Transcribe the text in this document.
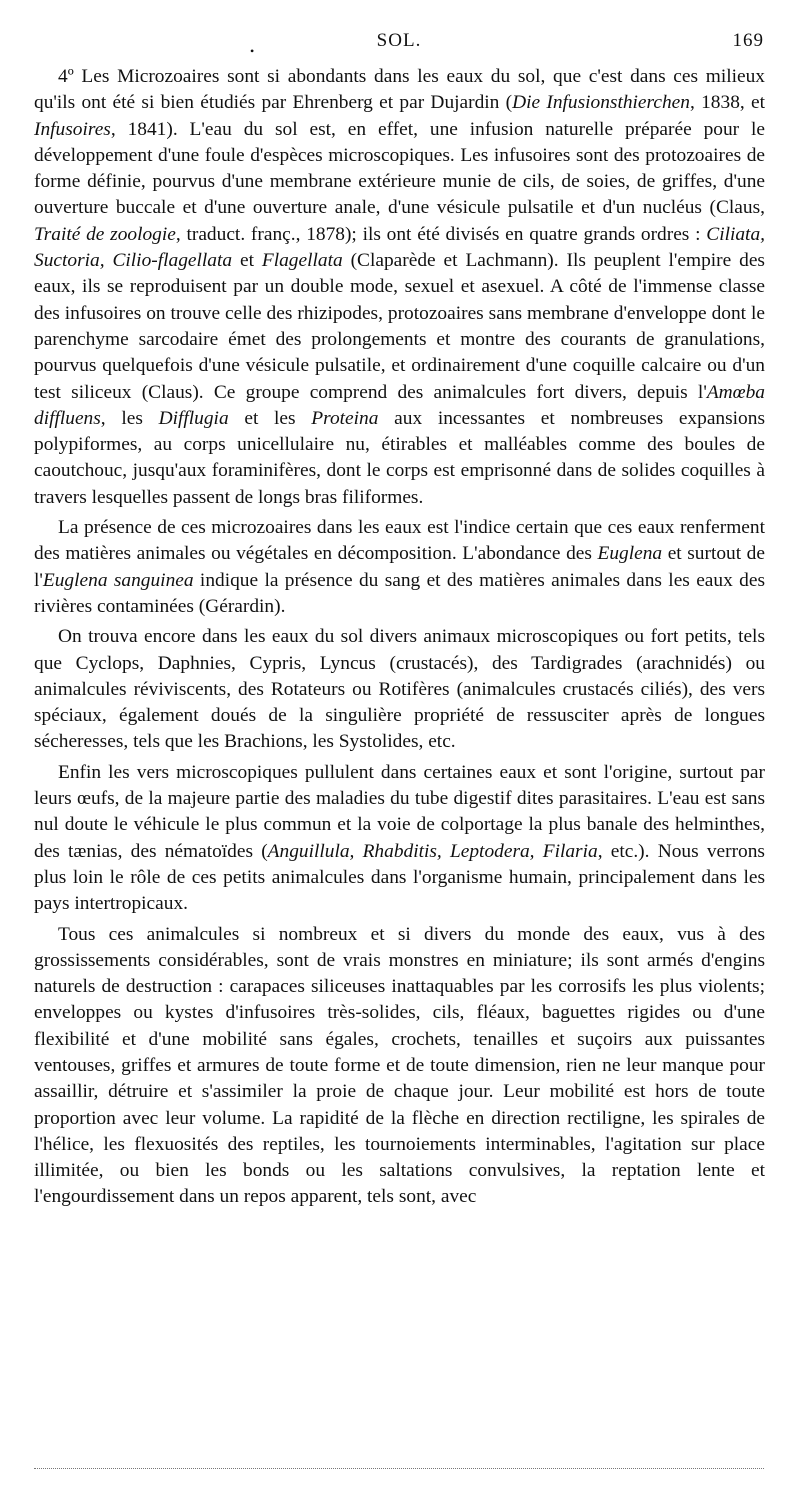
•	SOL.	169

4º Les Microzoaires sont si abondants dans les eaux du sol, que c'est dans ces milieux qu'ils ont été si bien étudiés par Ehrenberg et par Dujardin (Die Infusionsthierchen, 1838, et Infusoires, 1841). L'eau du sol est, en effet, une infusion naturelle préparée pour le développement d'une foule d'espèces microscopiques. Les infusoires sont des protozoaires de forme définie, pourvus d'une membrane extérieure munie de cils, de soies, de griffes, d'une ouverture buccale et d'une ouverture anale, d'une vésicule pulsatile et d'un nucléus (Claus, Traité de zoologie, traduct. franç., 1878); ils ont été divisés en quatre grands ordres : Ciliata, Suctoria, Cilio-flagellata et Flagellata (Claparède et Lachmann). Ils peuplent l'empire des eaux, ils se reproduisent par un double mode, sexuel et asexuel. A côté de l'immense classe des infusoires on trouve celle des rhizipodes, protozoaires sans membrane d'enveloppe dont le parenchyme sarcodaire émet des prolongements et montre des courants de granulations, pourvus quelquefois d'une vésicule pulsatile, et ordinairement d'une coquille calcaire ou d'un test siliceux (Claus). Ce groupe comprend des animalcules fort divers, depuis l'Amœba diffluens, les Difflugia et les Proteina aux incessantes et nombreuses expansions polypiformes, au corps unicellulaire nu, étirables et malléables comme des boules de caoutchouc, jusqu'aux foraminifères, dont le corps est emprisonné dans de solides coquilles à travers lesquelles passent de longs bras filiformes.

La présence de ces microzoaires dans les eaux est l'indice certain que ces eaux renferment des matières animales ou végétales en décomposition. L'abondance des Euglena et surtout de l'Euglena sanguinea indique la présence du sang et des matières animales dans les eaux des rivières contaminées (Gérardin).

On trouva encore dans les eaux du sol divers animaux microscopiques ou fort petits, tels que Cyclops, Daphnies, Cypris, Lyncus (crustacés), des Tardigrades (arachnidés) ou animalcules réviviscents, des Rotateurs ou Rotifères (animalcules crustacés ciliés), des vers spéciaux, également doués de la singulière propriété de ressusciter après de longues sécheresses, tels que les Brachions, les Systolides, etc.

Enfin les vers microscopiques pullulent dans certaines eaux et sont l'origine, surtout par leurs œufs, de la majeure partie des maladies du tube digestif dites parasitaires. L'eau est sans nul doute le véhicule le plus commun et la voie de colportage la plus banale des helminthes, des tænias, des nématoïdes (Anguillula, Rhabditis, Leptodera, Filaria, etc.). Nous verrons plus loin le rôle de ces petits animalcules dans l'organisme humain, principalement dans les pays intertropicaux.

Tous ces animalcules si nombreux et si divers du monde des eaux, vus à des grossissements considérables, sont de vrais monstres en miniature; ils sont armés d'engins naturels de destruction : carapaces siliceuses inattaquables par les corrosifs les plus violents; enveloppes ou kystes d'infusoires très-solides, cils, fléaux, baguettes rigides ou d'une flexibilité et d'une mobilité sans égales, crochets, tenailles et suçoirs aux puissantes ventouses, griffes et armures de toute forme et de toute dimension, rien ne leur manque pour assaillir, détruire et s'assimiler la proie de chaque jour. Leur mobilité est hors de toute proportion avec leur volume. La rapidité de la flèche en direction rectiligne, les spirales de l'hélice, les flexuosités des reptiles, les tournoiements interminables, l'agitation sur place illimitée, ou bien les bonds ou les saltations convulsives, la reptation lente et l'engourdissement dans un repos apparent, tels sont, avec
